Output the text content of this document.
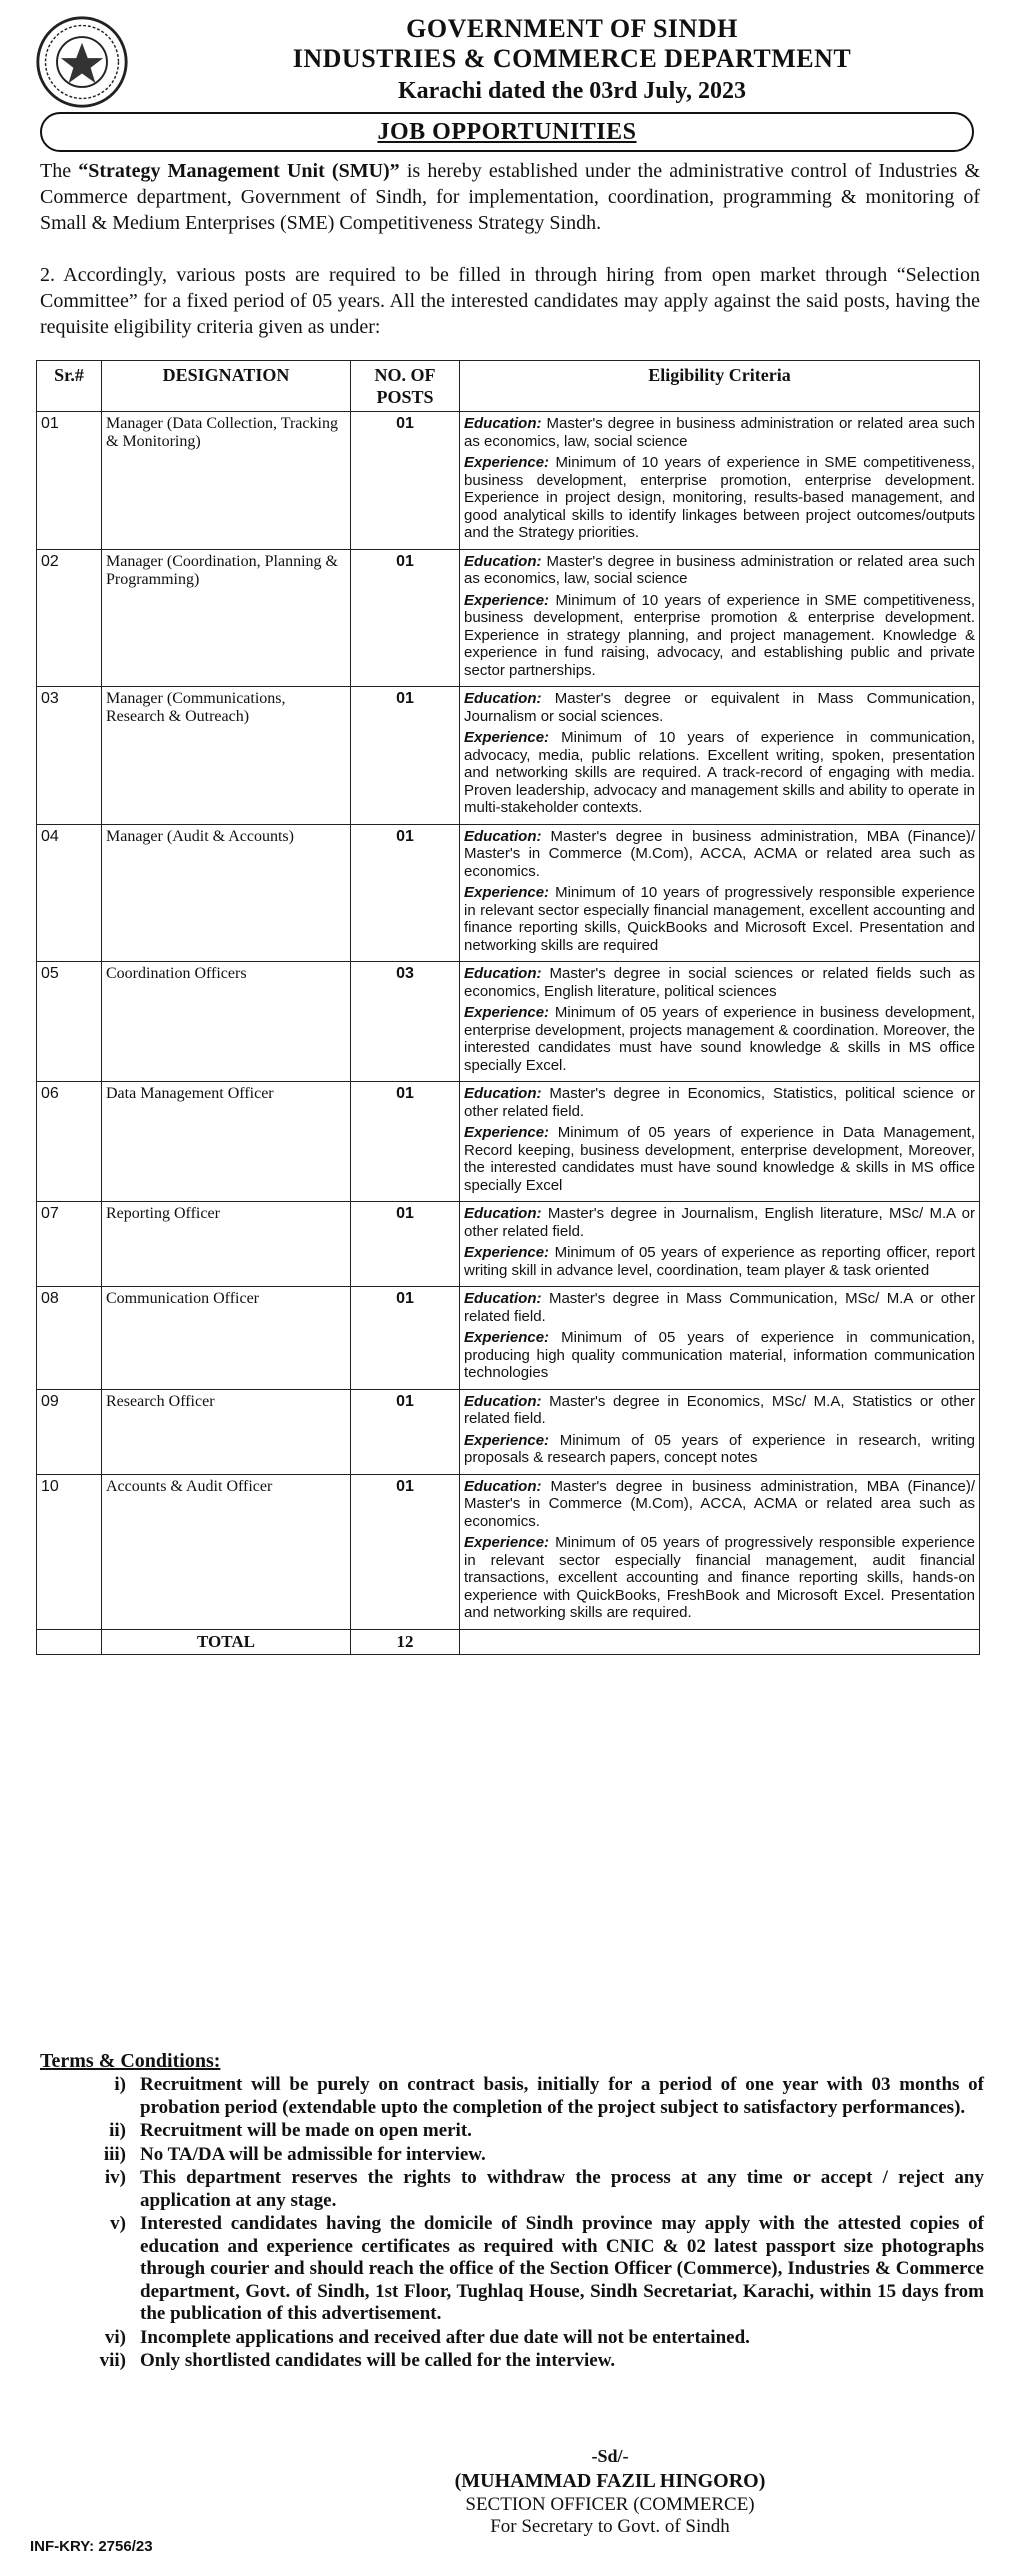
GOVERNMENT OF SINDH
INDUSTRIES & COMMERCE DEPARTMENT
Karachi dated the 03rd July, 2023
JOB OPPORTUNITIES
The “Strategy Management Unit (SMU)” is hereby established under the administrative control of Industries & Commerce department, Government of Sindh, for implementation, coordination, programming & monitoring of Small & Medium Enterprises (SME) Competitiveness Strategy Sindh.
2. Accordingly, various posts are required to be filled in through hiring from open market through “Selection Committee” for a fixed period of 05 years. All the interested candidates may apply against the said posts, having the requisite eligibility criteria given as under:
Sr.#	DESIGNATION	NO. OF POSTS	Eligibility Criteria
01	Manager (Data Collection, Tracking & Monitoring)	01	Education: Master's degree in business administration or related area such as economics, law, social science
Experience: Minimum of 10 years of experience in SME competitiveness, business development, enterprise promotion, enterprise development. Experience in project design, monitoring, results-based management, and good analytical skills to identify linkages between project outcomes/outputs and the Strategy priorities.

02	Manager (Coordination, Planning & Programming)	01	Education: Master's degree in business administration or related area such as economics, law, social science
Experience: Minimum of 10 years of experience in SME competitiveness, business development, enterprise promotion & enterprise development. Experience in strategy planning, and project management. Knowledge & experience in fund raising, advocacy, and establishing public and private sector partnerships.

03	Manager (Communications, Research & Outreach)	01	Education: Master's degree or equivalent in Mass Communication, Journalism or social sciences.
Experience: Minimum of 10 years of experience in communication, advocacy, media, public relations. Excellent writing, spoken, presentation and networking skills are required. A track-record of engaging with media. Proven leadership, advocacy and management skills and ability to operate in multi-stakeholder contexts.

04	Manager (Audit & Accounts)	01	Education: Master's degree in business administration, MBA (Finance)/ Master's in Commerce (M.Com), ACCA, ACMA or related area such as economics.
Experience: Minimum of 10 years of progressively responsible experience in relevant sector especially financial management, excellent accounting and finance reporting skills, QuickBooks and Microsoft Excel. Presentation and networking skills are required

05	Coordination Officers	03	Education: Master's degree in social sciences or related fields such as economics, English literature, political sciences
Experience: Minimum of 05 years of experience in business development, enterprise development, projects management & coordination. Moreover, the interested candidates must have sound knowledge & skills in MS office specially Excel.

06	Data Management Officer	01	Education: Master's degree in Economics, Statistics, political science or other related field.
Experience: Minimum of 05 years of experience in Data Management, Record keeping, business development, enterprise development, Moreover, the interested candidates must have sound knowledge & skills in MS office specially Excel

07	Reporting Officer	01	Education: Master's degree in Journalism, English literature, MSc/ M.A or other related field.
Experience: Minimum of 05 years of experience as reporting officer, report writing skill in advance level, coordination, team player & task oriented

08	Communication Officer	01	Education: Master's degree in Mass Communication, MSc/ M.A or other related field.
Experience: Minimum of 05 years of experience in communication, producing high quality communication material, information communication technologies

09	Research Officer	01	Education: Master's degree in Economics, MSc/ M.A, Statistics or other related field.
Experience: Minimum of 05 years of experience in research, writing proposals & research papers, concept notes

10	Accounts & Audit Officer	01	Education: Master's degree in business administration, MBA (Finance)/ Master's in Commerce (M.Com), ACCA, ACMA or related area such as economics.
Experience: Minimum of 05 years of progressively responsible experience in relevant sector especially financial management, audit financial transactions, excellent accounting and finance reporting skills, hands-on experience with QuickBooks, FreshBook and Microsoft Excel. Presentation and networking skills are required.

	TOTAL	12	
Terms & Conditions:
i) Recruitment will be purely on contract basis, initially for a period of one year with 03 months of probation period (extendable upto the completion of the project subject to satisfactory performances).
ii) Recruitment will be made on open merit.
iii) No TA/DA will be admissible for interview.
iv) This department reserves the rights to withdraw the process at any time or accept / reject any application at any stage.
v) Interested candidates having the domicile of Sindh province may apply with the attested copies of education and experience certificates as required with CNIC & 02 latest passport size photographs through courier and should reach the office of the Section Officer (Commerce), Industries & Commerce department, Govt. of Sindh, 1st Floor, Tughlaq House, Sindh Secretariat, Karachi, within 15 days from the publication of this advertisement.
vi) Incomplete applications and received after due date will not be entertained.
vii) Only shortlisted candidates will be called for the interview.
-Sd/-
(MUHAMMAD FAZIL HINGORO)
SECTION OFFICER (COMMERCE)
For Secretary to Govt. of Sindh
INF-KRY: 2756/23
